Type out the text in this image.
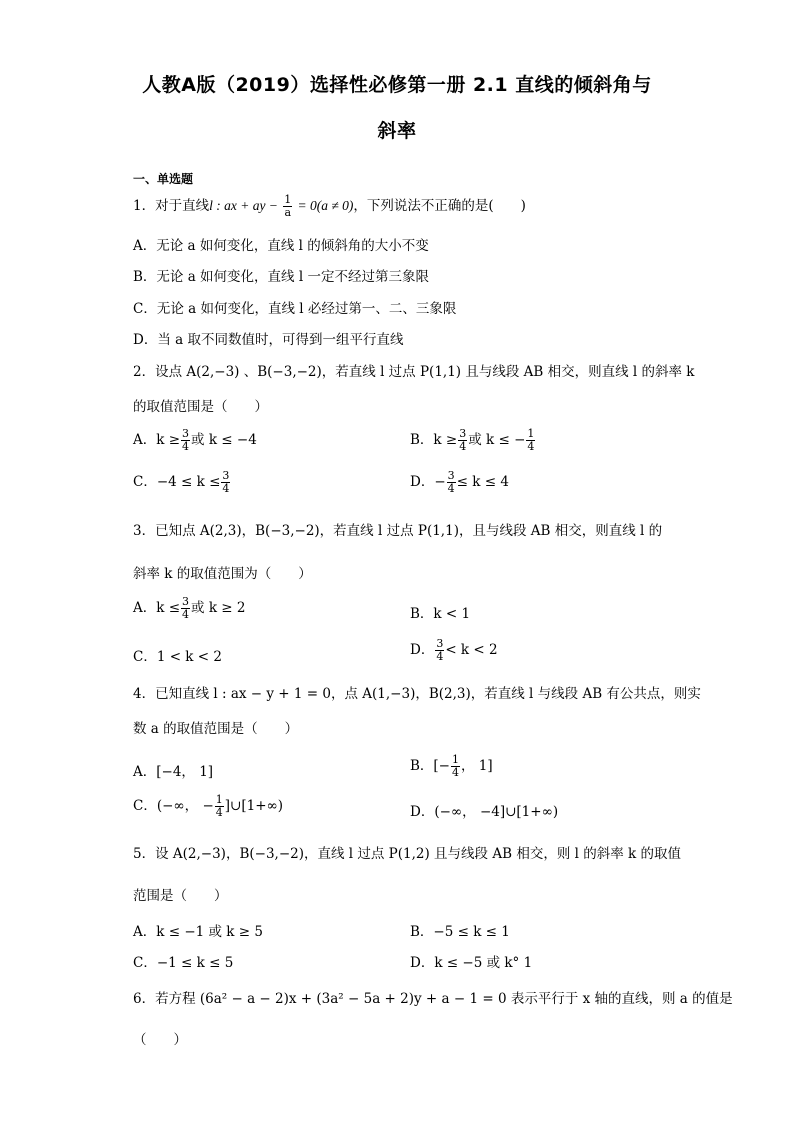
人教A版（2019）选择性必修第一册 2.1 直线的倾斜角与
斜率
一、单选题
1．对于直线l : ax + ay − $\frac{1}{a} = 0(a \ne 0)$，下列说法不正确的是(　　)
A．无论 a 如何变化，直线 l 的倾斜角的大小不变
B．无论 a 如何变化，直线 l 一定不经过第三象限
C．无论 a 如何变化，直线 l 必经过第一、二、三象限
D．当 a 取不同数值时，可得到一组平行直线
2．设点 A(2,−3) 、B(−3,−2)，若直线 l 过点 P(1,1) 且与线段 AB 相交，则直线 l 的斜率 k
的取值范围是（　　）
A．$k \ge \frac{3}{4}$ 或 k ≤ −4	B．$k \ge \frac{3}{4}$ 或 k ≤ − $\frac{1}{4}$
C．$-4 \le k \le \frac{3}{4}$	D．− $\frac{3}{4} \le k \le 4$
3．已知点 A(2,3)，B(−3,−2)，若直线 l 过点 P(1,1)，且与线段 AB 相交，则直线 l 的
斜率 k 的取值范围为（　　）
A．$k \le \frac{3}{4}$ 或 k ≥ 2	B．k < 1
C．1 < k < 2	D． $\frac{3}{4} < k < 2$
4．已知直线 l : ax − y + 1 = 0，点 A(1,−3)，B(2,3)，若直线 l 与线段 AB 有公共点，则实
数 a 的取值范围是（　　）
A．[−4， 1]	B．[− $\frac{1}{4}$ ， 1]
C．(−∞， − $\frac{1}{4}$ ]∪[1+∞)	D．(−∞， −4]∪[1+∞)
5．设 A(2,−3)，B(−3,−2)，直线 l 过点 P(1,2) 且与线段 AB 相交，则 l 的斜率 k 的取值
范围是（　　）
A．k ≤ −1 或 k ≥ 5	B．−5 ≤ k ≤ 1
C．−1 ≤ k ≤ 5	D．k ≤ −5 或 k° 1
6．若方程 (6a² − a − 2)x + (3a² − 5a + 2)y + a − 1 = 0 表示平行于 x 轴的直线，则 a 的值是
（　　）
